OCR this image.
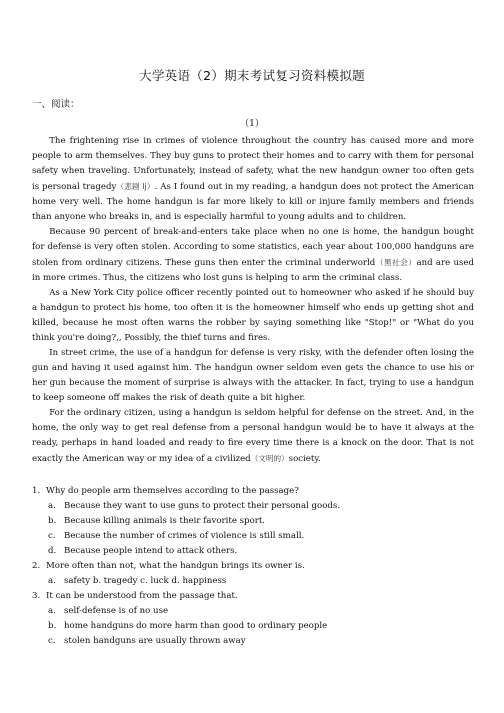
大学英语（2）期末考试复习资料模拟题
一、阅读：
（1）

The frightening rise in crimes of violence throughout the country has caused more and more people to arm themselves. They buy guns to protect their homes and to carry with them for personal safety when traveling. Unfortunately, instead of safety, what the new handgun owner too often gets is personal tragedy（悲剧 lj）. As I found out in my reading, a handgun does not protect the American home very well. The home handgun is far more likely to kill or injure family members and friends than anyone who breaks in, and is especially harmful to young adults and to children.

Because 90 percent of break-and-enters take place when no one is home, the handgun bought for defense is very often stolen. According to some statistics, each year about 100,000 handguns are stolen from ordinary citizens. These guns then enter the criminal underworld（黑社会）and are used in more crimes. Thus, the citizens who lost guns is helping to arm the criminal class.

As a New York City police officer recently pointed out to homeowner who asked if he should buy a handgun to protect his home, too often it is the homeowner himself who ends up getting shot and killed, because he most often warns the robber by saying something like "Stop!" or "What do you think you're doing?,, Possibly, the thief turns and fires.

In street crime, the use of a handgun for defense is very risky, with the defender often losing the gun and having it used against him. The handgun owner seldom even gets the chance to use his or her gun because the moment of surprise is always with the attacker. In fact, trying to use a handgun to keep someone off makes the risk of death quite a bit higher.

For the ordinary citizen, using a handgun is seldom helpful for defense on the street. And, in the home, the only way to get real defense from a personal handgun would be to have it always at the ready, perhaps in hand loaded and ready to fire every time there is a knock on the door. That is not exactly the American way or my idea of a civilized（文明的）society.

1. Why do people arm themselves according to the passage?

a. Because they want to use guns to protect their personal goods.

b. Because killing animals is their favorite sport.

c. Because the number of crimes of violence is still small.

d. Because people intend to attack others.

2. More often than not, what the handgun brings its owner is.

a. safety b. tragedy c. luck d. happiness

3. It can be understood from the passage that.

a. self-defense is of no use

b. home handguns do more harm than good to ordinary people

c. stolen handguns are usually thrown away
